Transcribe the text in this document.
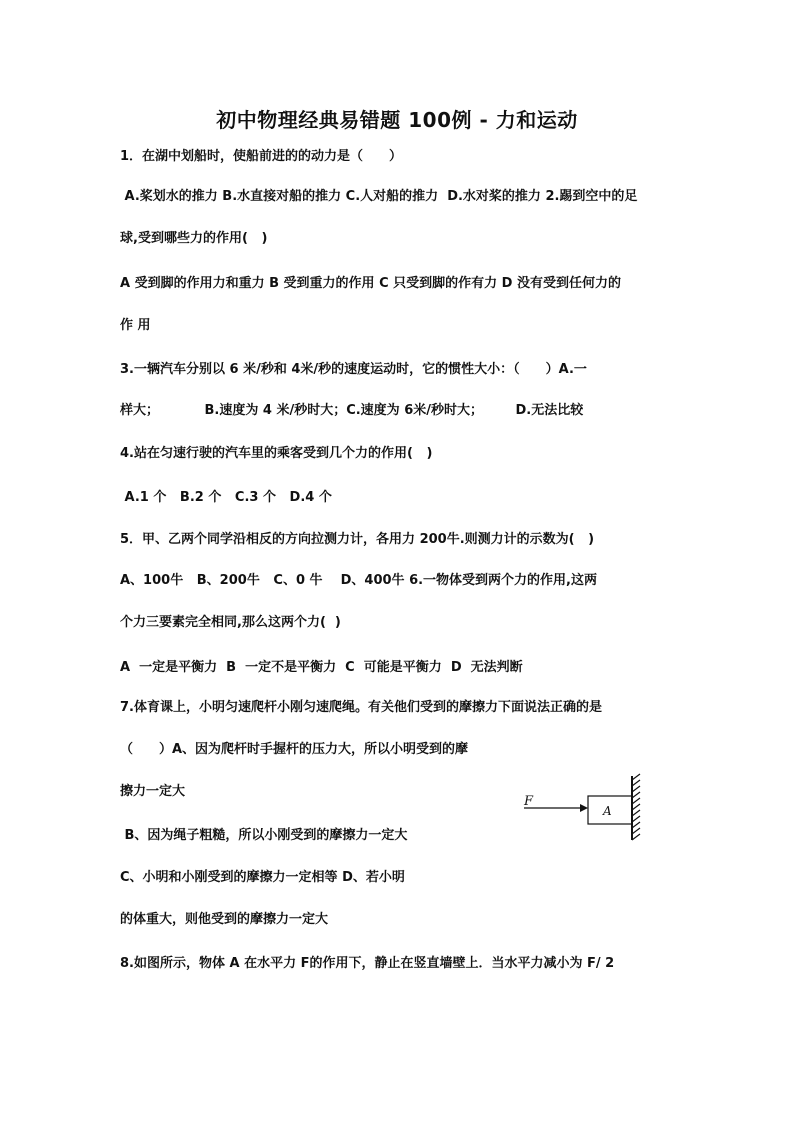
初中物理经典易错题 100例 - 力和运动
1．在湖中划船时，使船前进的的动力是（　　）
A.桨划水的推力 B.水直接对船的推力 C.人对船的推力  D.水对桨的推力 2.踢到空中的足
球,受到哪些力的作用(   )
A 受到脚的作用力和重力 B 受到重力的作用 C 只受到脚的作有力 D 没有受到任何力的
作 用
3.一辆汽车分别以 6 米/秒和 4米/秒的速度运动时，它的惯性大小：（　　）A.一
样大；　　　　B.速度为 4 米/秒时大；C.速度为 6米/秒时大；　　　D.无法比较
4.站在匀速行驶的汽车里的乘客受到几个力的作用(   )
A.1 个   B.2 个   C.3 个   D.4 个
5．甲、乙两个同学沿相反的方向拉测力计，各用力 200牛.则测力计的示数为(   )
A、100牛   B、200牛   C、0 牛    D、400牛 6.一物体受到两个力的作用,这两
个力三要素完全相同,那么这两个力(  )
A  一定是平衡力  B  一定不是平衡力  C  可能是平衡力  D  无法判断
7.体育课上，小明匀速爬杆小刚匀速爬绳。有关他们受到的摩擦力下面说法正确的是
（　　）A、因为爬杆时手握杆的压力大，所以小明受到的摩
擦力一定大
B、因为绳子粗糙，所以小刚受到的摩擦力一定大
C、小明和小刚受到的摩擦力一定相等 D、若小明
的体重大，则他受到的摩擦力一定大
8.如图所示，物体 A 在水平力 F的作用下，静止在竖直墙壁上．当水平力减小为 F/ 2
F
A
